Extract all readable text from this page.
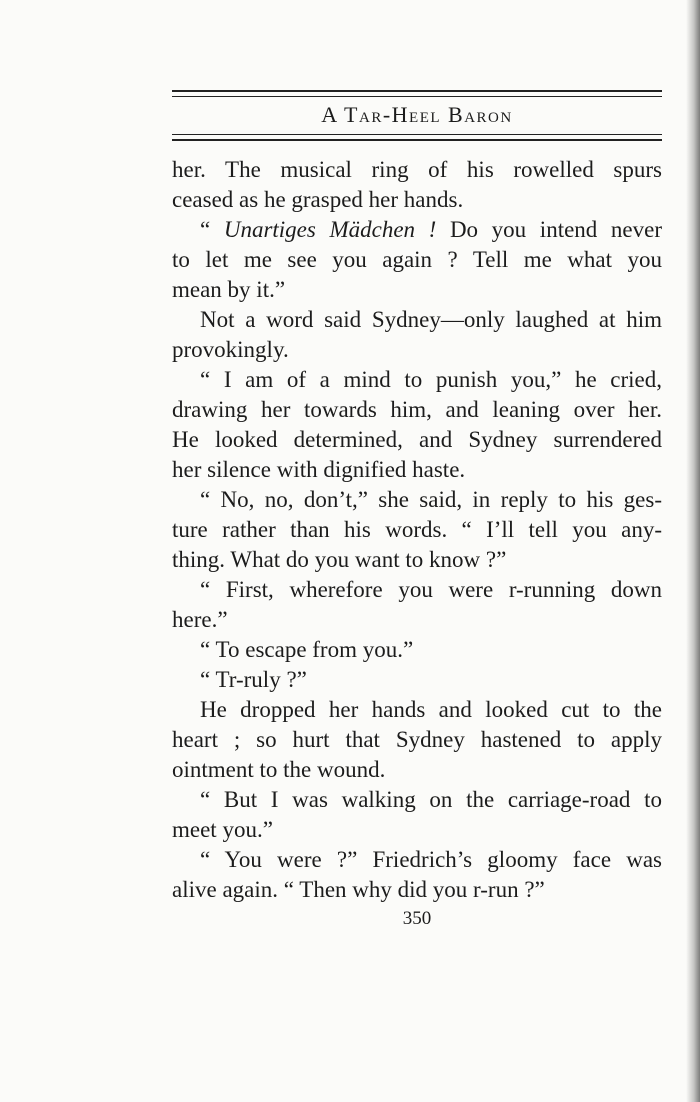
A Tar-Heel Baron
her. The musical ring of his rowelled spurs
ceased as he grasped her hands.
“ Unartiges Mädchen ! Do you intend never
to let me see you again ? Tell me what you
mean by it.”
Not a word said Sydney—only laughed at him
provokingly.
“ I am of a mind to punish you,” he cried,
drawing her towards him, and leaning over her.
He looked determined, and Sydney surrendered
her silence with dignified haste.
“ No, no, don’t,” she said, in reply to his ges-
ture rather than his words. “ I’ll tell you any-
thing. What do you want to know ?”
“ First, wherefore you were r-running down
here.”
“ To escape from you.”
“ Tr-ruly ?”
He dropped her hands and looked cut to the
heart ; so hurt that Sydney hastened to apply
ointment to the wound.
“ But I was walking on the carriage-road to
meet you.”
“ You were ?” Friedrich’s gloomy face was
alive again. “ Then why did you r-run ?”
350
